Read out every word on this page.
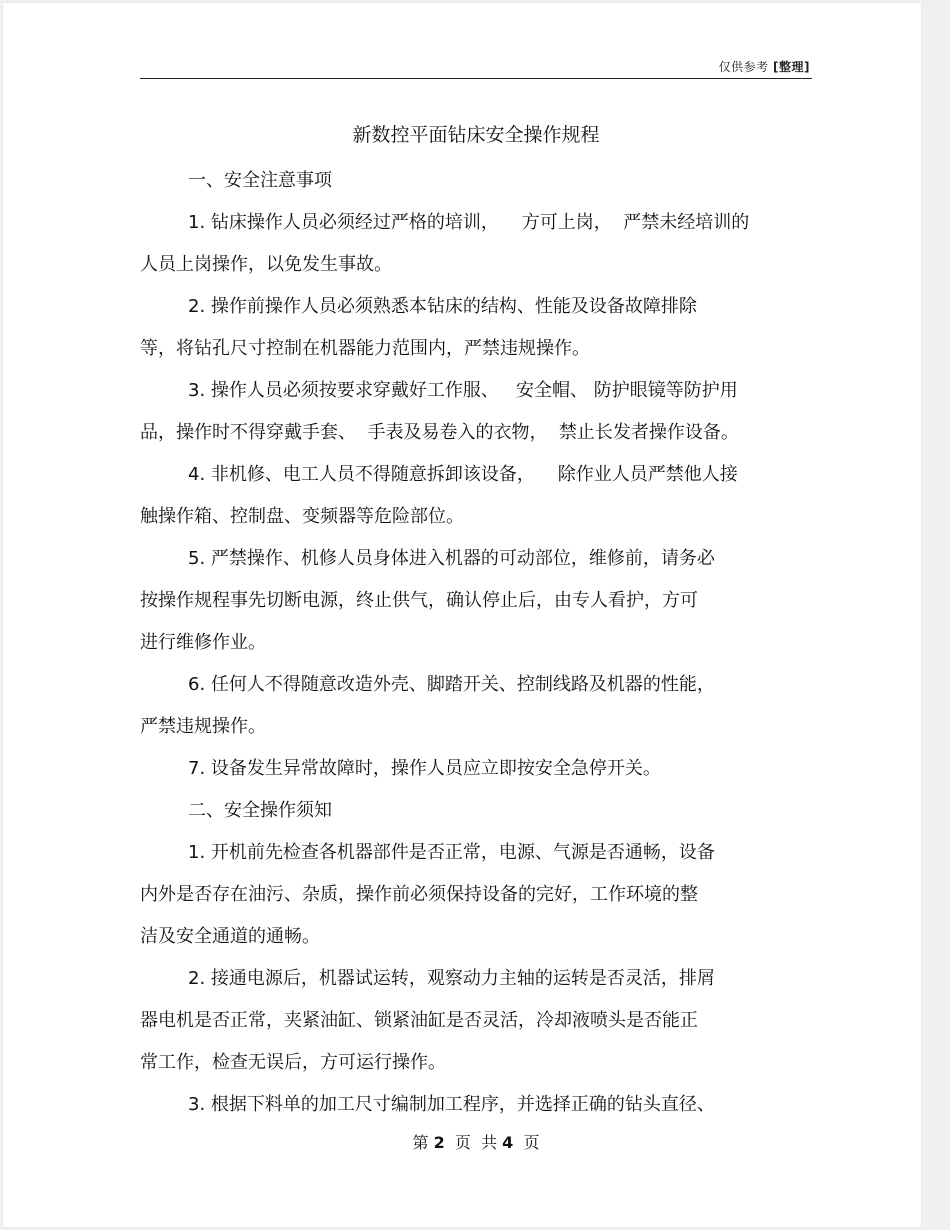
仅供参考 [整理]
新数控平面钻床安全操作规程

一、安全注意事项

1. 钻床操作人员必须经过严格的培训，    方可上岗，  严禁未经培训的

人员上岗操作，以免发生事故。

2. 操作前操作人员必须熟悉本钻床的结构、性能及设备故障排除

等，将钻孔尺寸控制在机器能力范围内，严禁违规操作。

3. 操作人员必须按要求穿戴好工作服、   安全帽、 防护眼镜等防护用

品，操作时不得穿戴手套、  手表及易卷入的衣物，  禁止长发者操作设备。

4. 非机修、电工人员不得随意拆卸该设备，    除作业人员严禁他人接

触操作箱、控制盘、变频器等危险部位。

5. 严禁操作、机修人员身体进入机器的可动部位，维修前，请务必

按操作规程事先切断电源，终止供气，确认停止后，由专人看护，方可

进行维修作业。

6. 任何人不得随意改造外壳、脚踏开关、控制线路及机器的性能，

严禁违规操作。

7. 设备发生异常故障时，操作人员应立即按安全急停开关。

二、安全操作须知

1. 开机前先检查各机器部件是否正常，电源、气源是否通畅，设备

内外是否存在油污、杂质，操作前必须保持设备的完好，工作环境的整

洁及安全通道的通畅。

2. 接通电源后，机器试运转，观察动力主轴的运转是否灵活，排屑

器电机是否正常，夹紧油缸、锁紧油缸是否灵活，冷却液喷头是否能正

常工作，检查无误后，方可运行操作。

3. 根据下料单的加工尺寸编制加工程序，并选择正确的钻头直径、

第 2  页  共 4  页
